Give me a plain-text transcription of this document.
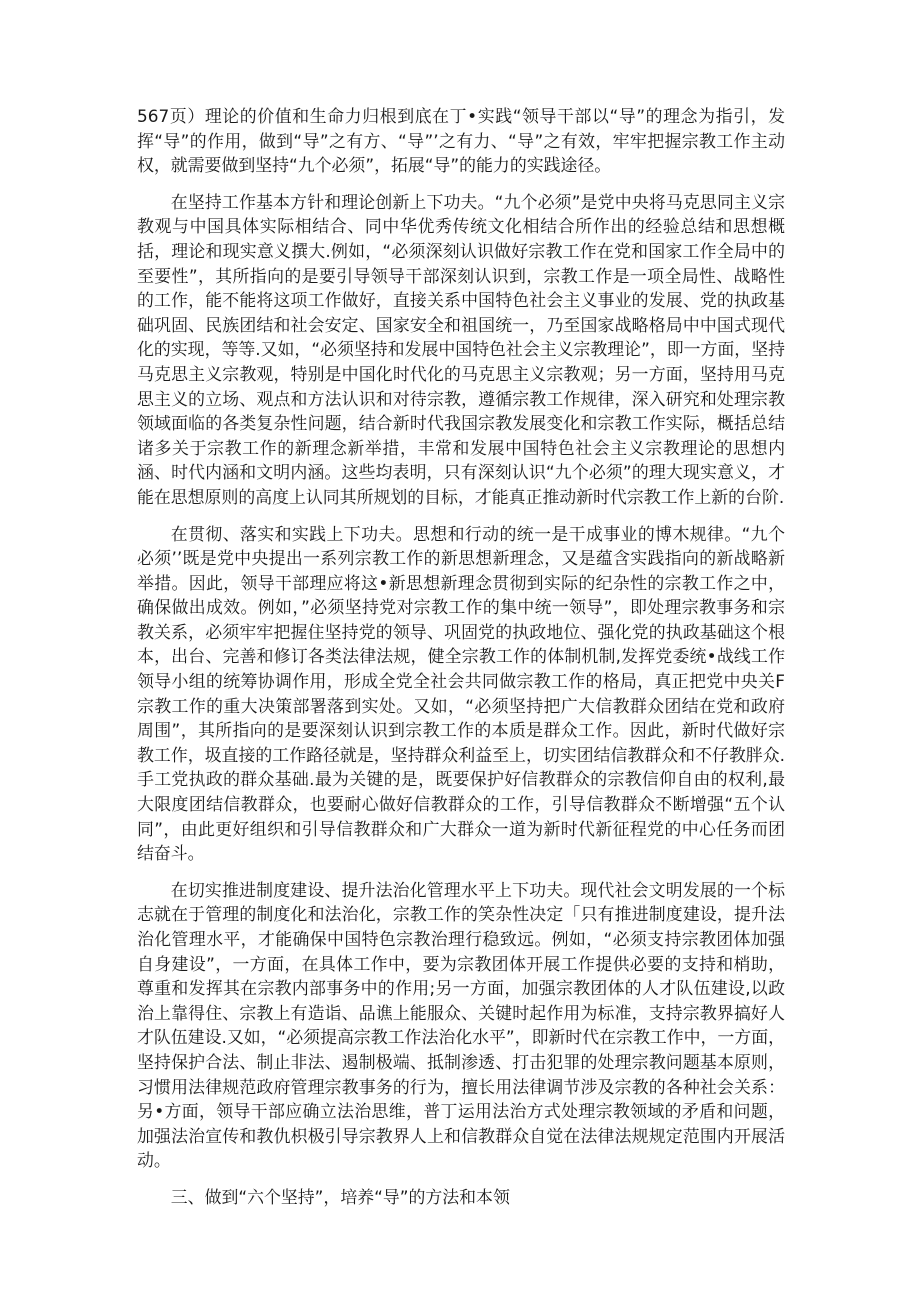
567页）理论的价值和生命力归根到底在丁•实践“领导干部以“导”的理念为指引，发挥“导”的作用，做到“导”之有方、“导”’之有力、“导”之有效，牢牢把握宗教工作主动权，就需要做到坚持“九个必须”，拓展“导”的能力的实践途径。

在坚持工作基本方针和理论创新上下功夫。“九个必须”是党中央将马克思同主义宗教观与中国具体实际相结合、同中华优秀传统文化相结合所作出的经验总结和思想概括，理论和现实意义撰大.例如，“必须深刻认识做好宗教工作在党和国家工作全局中的至要性”，其所指向的是要引导领导干部深刻认识到，宗教工作是一项全局性、战略性的工作，能不能将这项工作做好，直接关系中国特色社会主义事业的发展、党的执政基础巩固、民族团结和社会安定、国家安全和祖国统一，乃至国家战略格局中中国式现代化的实现，等等.又如，“必须坚持和发展中国特色社会主义宗教理论”，即一方面，坚持马克思主义宗教观，特别是中国化时代化的马克思主义宗教观；另一方面，坚持用马克思主义的立场、观点和方法认识和对待宗教，遵循宗教工作规律，深入研究和处理宗教领域面临的各类复杂性问题，结合新时代我国宗教发展变化和宗教工作实际，概括总结诸多关于宗教工作的新理念新举措，丰常和发展中国特色社会主义宗教理论的思想内涵、时代内涵和文明内涵。这些均表明，只有深刻认识“九个必须”的理大现实意义，才能在思想原则的高度上认同其所规划的目标，才能真正推动新时代宗教工作上新的台阶.

在贯彻、落实和实践上下功夫。思想和行动的统一是干成事业的博木规律。“九个必须’’既是党中央提出一系列宗教工作的新思想新理念，又是蕴含实践指向的新战略新举措。因此，领导干部理应将这•新思想新理念贯彻到实际的纪杂性的宗教工作之中，确保做出成效。例如，”必须坚持党对宗教工作的集中统一领导”，即处理宗教事务和宗教关系，必须牢牢把握住坚持党的领导、巩固党的执政地位、强化党的执政基础这个根本，出台、完善和修订各类法律法规，健全宗教工作的体制机制,发挥党委统•战线工作领导小组的统筹协调作用，形成全党全社会共同做宗教工作的格局，真正把党中央关F宗教工作的重大决策部署落到实处。又如，“必须坚持把广大信教群众团结在党和政府周围”，其所指向的是要深刻认识到宗教工作的本质是群众工作。因此，新时代做好宗教工作，圾直接的工作路径就是，坚持群众利益至上，切实团结信教群众和不仔教胖众.手工党执政的群众基础.最为关键的是，既要保护好信教群众的宗教信仰自由的权利,最大限度团结信教群众，也要耐心做好信教群众的工作，引导信教群众不断增强“五个认同”，由此更好组织和引导信教群众和广大群众一道为新时代新征程党的中心任务而团结奋斗。

在切实推进制度建设、提升法治化管理水平上下功夫。现代社会文明发展的一个标志就在于管理的制度化和法治化，宗教工作的笑杂性决定「只有推进制度建设，提升法治化管理水平，才能确保中国特色宗教治理行稳致远。例如，“必须支持宗教团体加强自身建设”，一方面，在具体工作中，要为宗教团体开展工作提供必要的支持和梢助，尊重和发挥其在宗教内部事务中的作用;另一方面，加强宗教团体的人才队伍建设,以政治上靠得住、宗教上有造诣、品谯上能服众、关键时起作用为标准，支持宗教界搞好人才队伍建设.又如，“必须提高宗教工作法治化水平”，即新时代在宗教工作中，一方面，坚持保护合法、制止非法、遏制极端、抵制渗透、打击犯罪的处理宗教问题基本原则，习惯用法律规范政府管理宗教事务的行为，擅长用法律调节涉及宗教的各种社会关系：另•方面，领导干部应确立法治思维，普丁运用法治方式处理宗教领域的矛盾和问题，加强法治宣传和教仇枳极引导宗教界人上和信教群众自觉在法律法规规定范围内开展活动。

三、做到“六个坚持”，培养“导”的方法和本领
